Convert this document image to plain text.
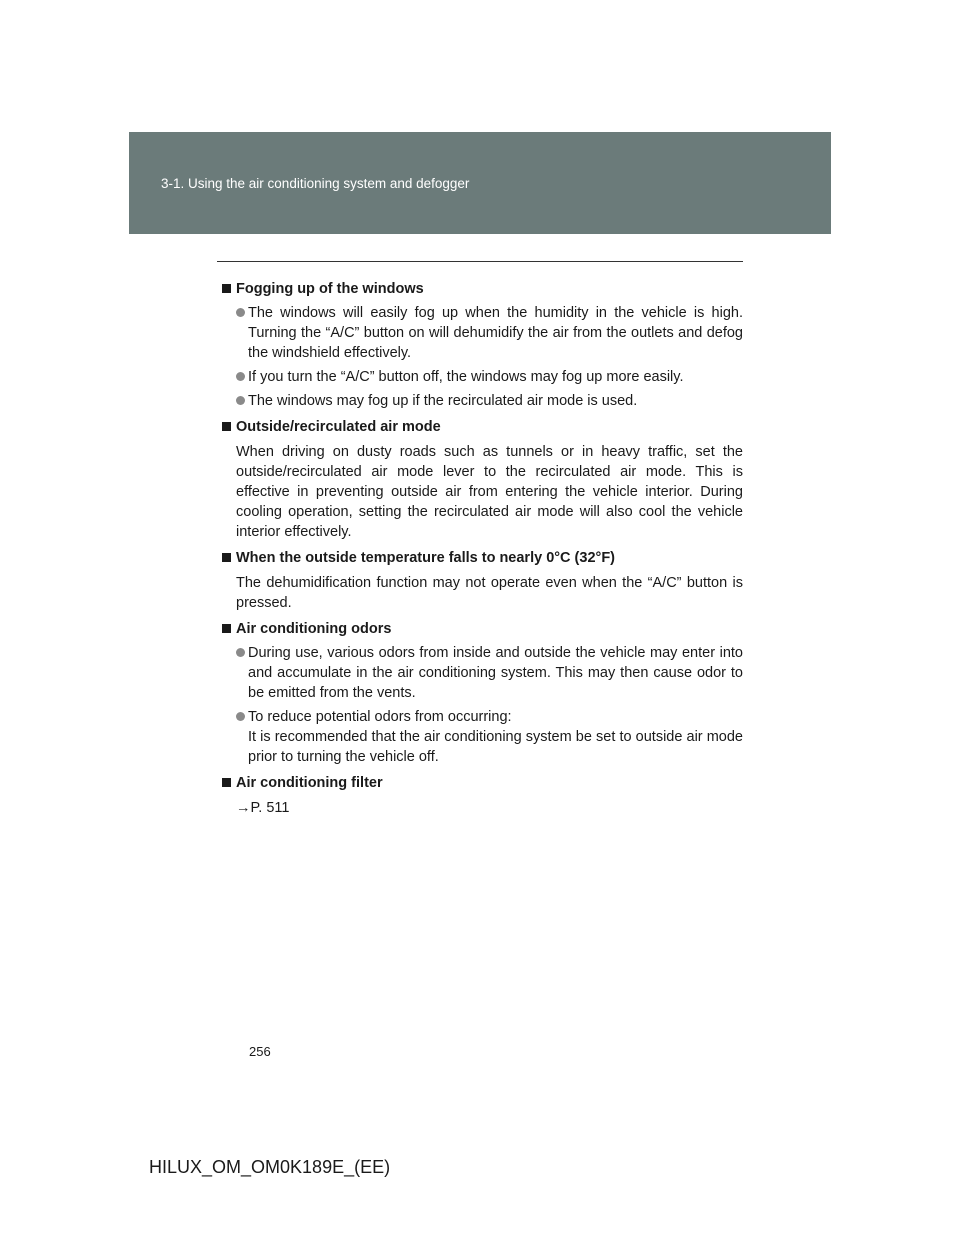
3-1. Using the air conditioning system and defogger
Fogging up of the windows
The windows will easily fog up when the humidity in the vehicle is high. Turning the “A/C” button on will dehumidify the air from the outlets and defog the windshield effectively.
If you turn the “A/C” button off, the windows may fog up more easily.
The windows may fog up if the recirculated air mode is used.
Outside/recirculated air mode
When driving on dusty roads such as tunnels or in heavy traffic, set the outside/recirculated air mode lever to the recirculated air mode. This is effective in preventing outside air from entering the vehicle interior. During cooling operation, setting the recirculated air mode will also cool the vehicle interior effectively.
When the outside temperature falls to nearly 0°C (32°F)
The dehumidification function may not operate even when the “A/C” button is pressed.
Air conditioning odors
During use, various odors from inside and outside the vehicle may enter into and accumulate in the air conditioning system. This may then cause odor to be emitted from the vents.
To reduce potential odors from occurring:
It is recommended that the air conditioning system be set to outside air mode prior to turning the vehicle off.
Air conditioning filter
→P. 511
256
HILUX_OM_OM0K189E_(EE)
